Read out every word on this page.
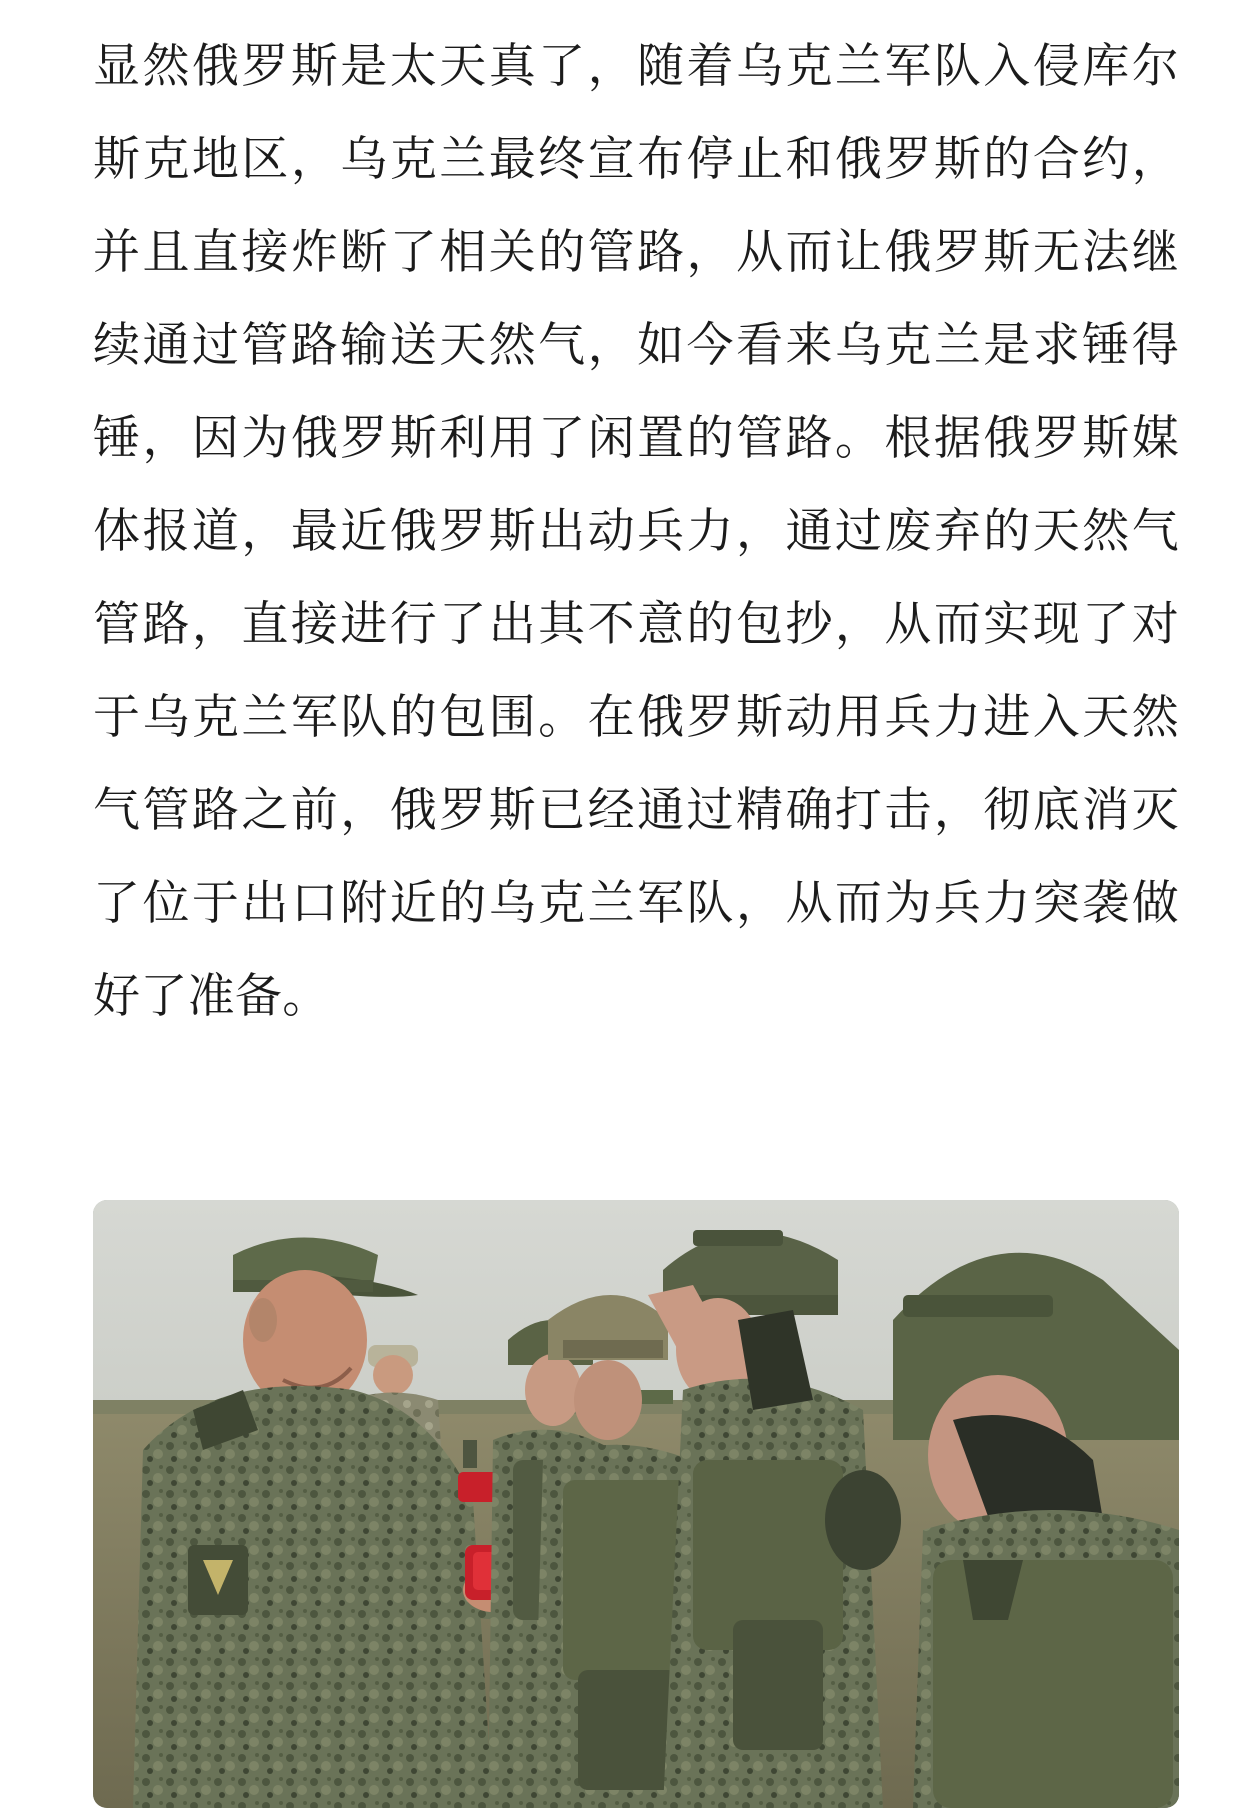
显然俄罗斯是太天真了，随着乌克兰军队入侵库尔斯克地区，乌克兰最终宣布停止和俄罗斯的合约，并且直接炸断了相关的管路，从而让俄罗斯无法继续通过管路输送天然气，如今看来乌克兰是求锤得锤，因为俄罗斯利用了闲置的管路。根据俄罗斯媒体报道，最近俄罗斯出动兵力，通过废弃的天然气管路，直接进行了出其不意的包抄，从而实现了对于乌克兰军队的包围。在俄罗斯动用兵力进入天然气管路之前，俄罗斯已经通过精确打击，彻底消灭了位于出口附近的乌克兰军队，从而为兵力突袭做好了准备。
